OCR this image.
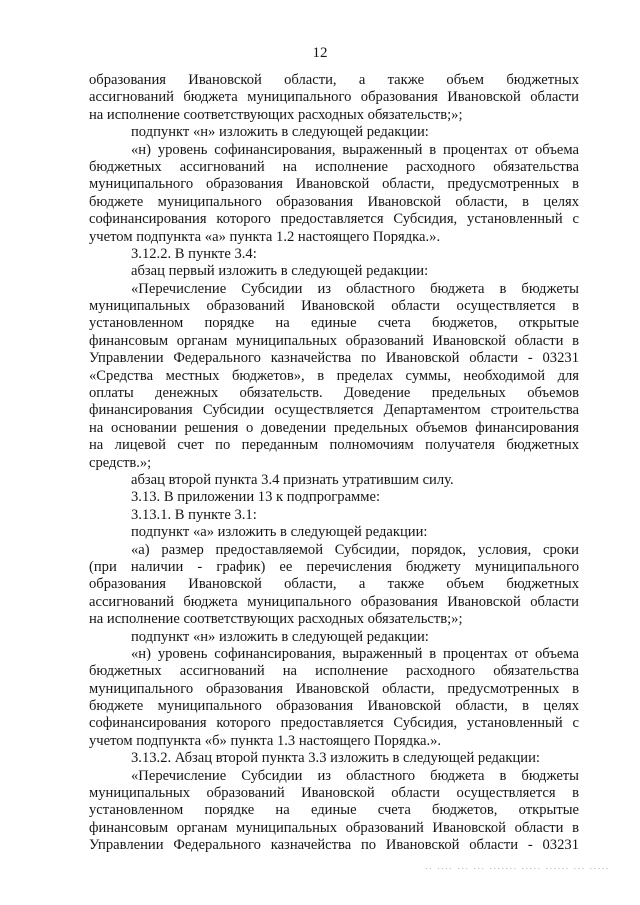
12
образования Ивановской области, а также объем бюджетных
ассигнований бюджета муниципального образования Ивановской области
на исполнение соответствующих расходных обязательств;»;
подпункт «н» изложить в следующей редакции:
«н) уровень софинансирования, выраженный в процентах от объема
бюджетных ассигнований на исполнение расходного обязательства
муниципального образования Ивановской области, предусмотренных в
бюджете муниципального образования Ивановской области, в целях
софинансирования которого предоставляется Субсидия, установленный с
учетом подпункта «а» пункта 1.2 настоящего Порядка.».
3.12.2. В пункте 3.4:
абзац первый изложить в следующей редакции:
«Перечисление Субсидии из областного бюджета в бюджеты
муниципальных образований Ивановской области осуществляется в
установленном порядке на единые счета бюджетов, открытые
финансовым органам муниципальных образований Ивановской области в
Управлении Федерального казначейства по Ивановской области - 03231
«Средства местных бюджетов», в пределах суммы, необходимой для
оплаты денежных обязательств. Доведение предельных объемов
финансирования Субсидии осуществляется Департаментом строительства
на основании решения о доведении предельных объемов финансирования
на лицевой счет по переданным полномочиям получателя бюджетных
средств.»;
абзац второй пункта 3.4 признать утратившим силу.
3.13. В приложении 13 к подпрограмме:
3.13.1. В пункте 3.1:
подпункт «а» изложить в следующей редакции:
«а) размер предоставляемой Субсидии, порядок, условия, сроки
(при наличии - график) ее перечисления бюджету муниципального
образования Ивановской области, а также объем бюджетных
ассигнований бюджета муниципального образования Ивановской области
на исполнение соответствующих расходных обязательств;»;
подпункт «н» изложить в следующей редакции:
«н) уровень софинансирования, выраженный в процентах от объема
бюджетных ассигнований на исполнение расходного обязательства
муниципального образования Ивановской области, предусмотренных в
бюджете муниципального образования Ивановской области, в целях
софинансирования которого предоставляется Субсидия, установленный с
учетом подпункта «б» пункта 1.3 настоящего Порядка.».
3.13.2. Абзац второй пункта 3.3 изложить в следующей редакции:
«Перечисление Субсидии из областного бюджета в бюджеты
муниципальных образований Ивановской области осуществляется в
установленном порядке на единые счета бюджетов, открытые
финансовым органам муниципальных образований Ивановской области в
Управлении Федерального казначейства по Ивановской области - 03231
-- ---- --- --- ------- ----- ------ --- -----
